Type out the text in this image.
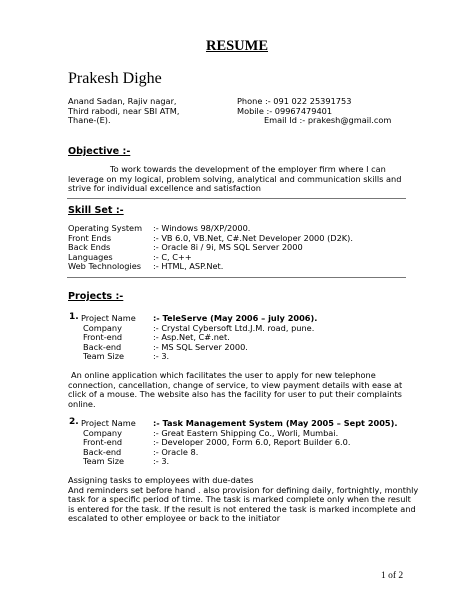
RESUME
Prakesh Dighe
Anand Sadan, Rajiv nagar,
Third rabodi, near SBI ATM,
Thane-(E).
Phone :- 091 022 25391753
Mobile :- 09967479401
Email Id :- prakesh@gmail.com
Objective :-
To work towards the development of the employer firm where I can
leverage on my logical, problem solving, analytical and communication skills and
strive for individual excellence and satisfaction
Skill Set :-
Operating System :- Windows 98/XP/2000.
Front Ends	:- VB 6.0, VB.Net, C#.Net Developer 2000 (D2K).
Back Ends	:- Oracle 8i / 9i, MS SQL Server 2000
Languages	:- C, C++
Web Technologies :- HTML, ASP.Net.
Projects :-
1. Project Name :- TeleServe (May 2006 – july 2006).
Company	:- Crystal Cybersoft Ltd.J.M. road, pune.
Front-end	:- Asp.Net, C#.net.
Back-end	:- MS SQL Server 2000.
Team Size	:- 3.
An online application which facilitates the user to apply for new telephone
connection, cancellation, change of service, to view payment details with ease at
click of a mouse. The website also has the facility for user to put their complaints
online.
2. Project Name :- Task Management System (May 2005 – Sept 2005).
Company	:- Great Eastern Shipping Co., Worli, Mumbai.
Front-end	:- Developer 2000, Form 6.0, Report Builder 6.0.
Back-end	:- Oracle 8.
Team Size	:- 3.
Assigning tasks to employees with due-dates
And reminders set before hand . also provision for defining daily, fortnightly, monthly
task for a specific period of time. The task is marked complete only when the result
is entered for the task. If the result is not entered the task is marked incomplete and
escalated to other employee or back to the initiator
1 of 2
